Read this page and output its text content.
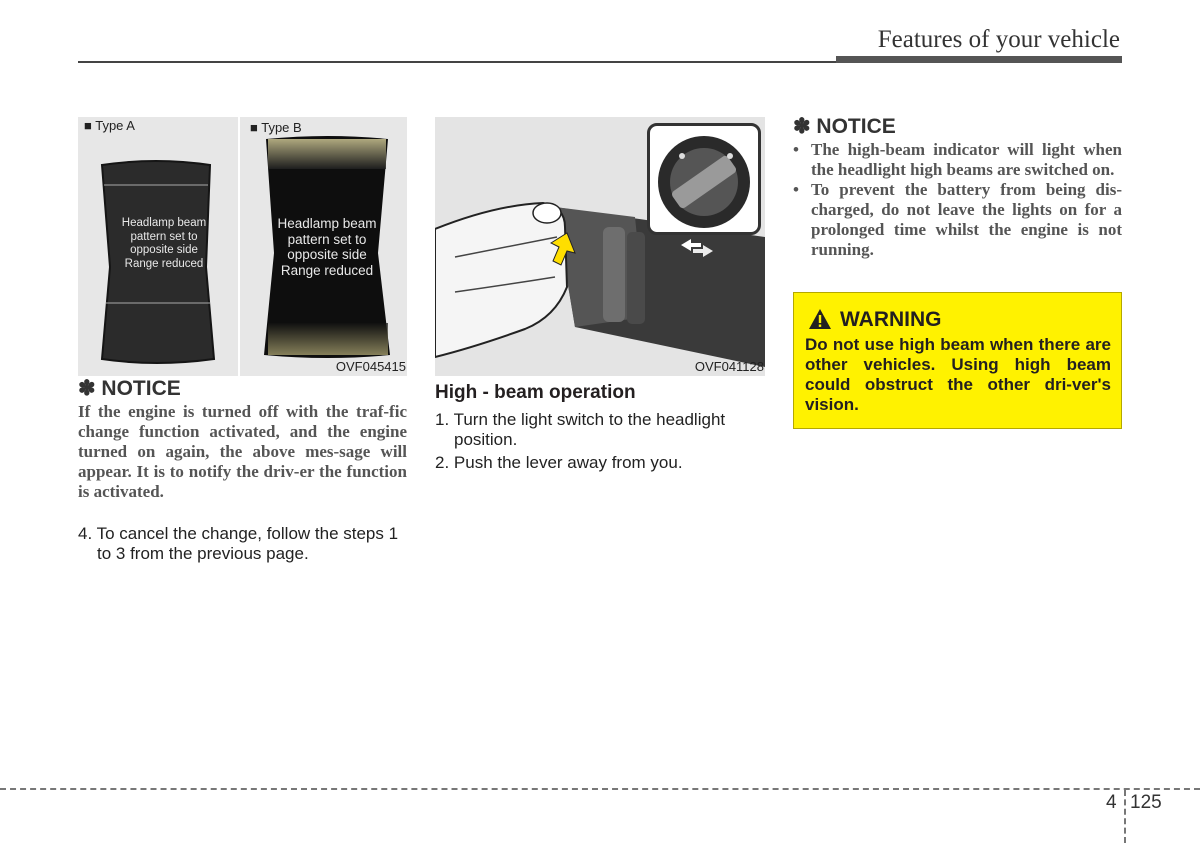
Features of your vehicle
■ Type A	■ Type B
Headlamp beam
pattern set to
opposite side
Range reduced
Headlamp beam
pattern set to
opposite side
Range reduced
OVF045415
✽ NOTICE
If the engine is turned off with the traf-fic change function activated, and the engine turned on again, the above mes-sage will appear. It is to notify the driv-er the function is activated.
4. To cancel the change, follow the steps 1
to 3 from the previous page.
OVF041128
High - beam operation
1. Turn the light switch to the headlight
position.
2. Push the lever away from you.
✽ NOTICE
• The high-beam indicator will light when the headlight high beams are switched on.
• To prevent the battery from being dis-charged, do not leave the lights on for a prolonged time whilst the engine is not running.
WARNING
Do not use high beam when there are other vehicles. Using high beam could obstruct the other dri-ver's vision.
4 125
